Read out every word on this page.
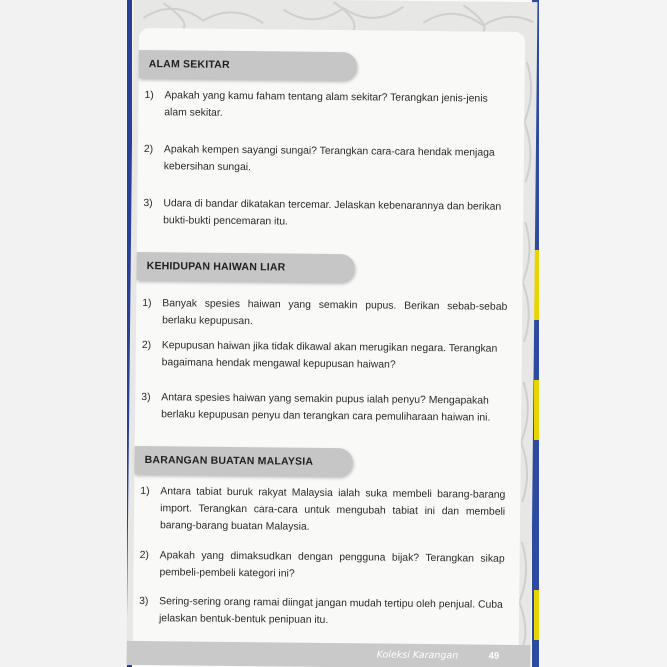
ALAM SEKITAR
1)	Apakah yang kamu faham tentang alam sekitar? Terangkan jenis-jenis alam sekitar.
2)	Apakah kempen sayangi sungai? Terangkan cara-cara hendak menjaga kebersihan sungai.
3)	Udara di bandar dikatakan tercemar. Jelaskan kebenarannya dan berikan bukti-bukti pencemaran itu.
KEHIDUPAN HAIWAN LIAR
1)	Banyak spesies haiwan yang semakin pupus. Berikan sebab-sebab berlaku kepupusan.
2)	Kepupusan haiwan jika tidak dikawal akan merugikan negara. Terangkan bagaimana hendak mengawal kepupusan haiwan?
3)	Antara spesies haiwan yang semakin pupus ialah penyu? Mengapakah berlaku kepupusan penyu dan terangkan cara pemuliharaan haiwan ini.
BARANGAN BUATAN MALAYSIA
1)	Antara tabiat buruk rakyat Malaysia ialah suka membeli barang-barang import. Terangkan cara-cara untuk mengubah tabiat ini dan membeli barang-barang buatan Malaysia.
2)	Apakah yang dimaksudkan dengan pengguna bijak? Terangkan sikap pembeli-pembeli kategori ini?
3)	Sering-sering orang ramai diingat jangan mudah tertipu oleh penjual. Cuba jelaskan bentuk-bentuk penipuan itu.
Koleksi Karangan	49
